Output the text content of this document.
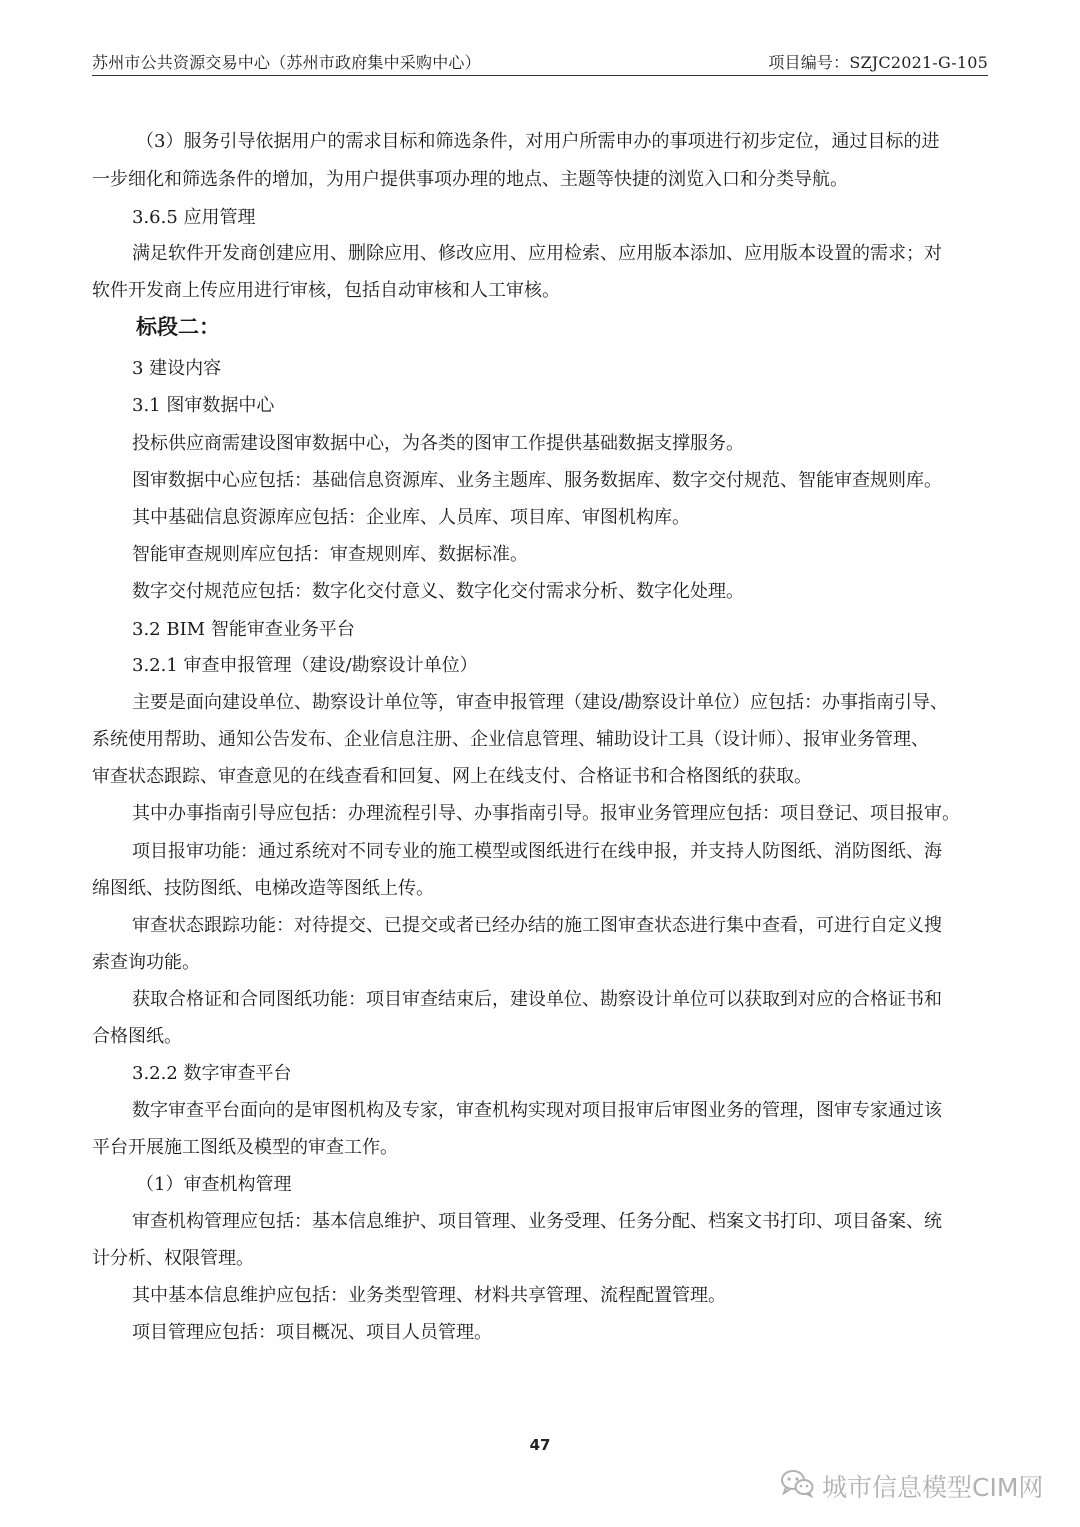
苏州市公共资源交易中心（苏州市政府集中采购中心）	项目编号：SZJC2021-G-105
（3）服务引导依据用户的需求目标和筛选条件，对用户所需申办的事项进行初步定位，通过目标的进
一步细化和筛选条件的增加，为用户提供事项办理的地点、主题等快捷的浏览入口和分类导航。
3.6.5 应用管理
满足软件开发商创建应用、删除应用、修改应用、应用检索、应用版本添加、应用版本设置的需求；对
软件开发商上传应用进行审核，包括自动审核和人工审核。
标段二：
3 建设内容
3.1 图审数据中心
投标供应商需建设图审数据中心，为各类的图审工作提供基础数据支撑服务。
图审数据中心应包括：基础信息资源库、业务主题库、服务数据库、数字交付规范、智能审查规则库。
其中基础信息资源库应包括：企业库、人员库、项目库、审图机构库。
智能审查规则库应包括：审查规则库、数据标准。
数字交付规范应包括：数字化交付意义、数字化交付需求分析、数字化处理。
3.2 BIM 智能审查业务平台
3.2.1 审查申报管理（建设/勘察设计单位）
主要是面向建设单位、勘察设计单位等，审查申报管理（建设/勘察设计单位）应包括：办事指南引导、
系统使用帮助、通知公告发布、企业信息注册、企业信息管理、辅助设计工具（设计师）、报审业务管理、
审查状态跟踪、审查意见的在线查看和回复、网上在线支付、合格证书和合格图纸的获取。
其中办事指南引导应包括：办理流程引导、办事指南引导。报审业务管理应包括：项目登记、项目报审。
项目报审功能：通过系统对不同专业的施工模型或图纸进行在线申报，并支持人防图纸、消防图纸、海
绵图纸、技防图纸、电梯改造等图纸上传。
审查状态跟踪功能：对待提交、已提交或者已经办结的施工图审查状态进行集中查看，可进行自定义搜
索查询功能。
获取合格证和合同图纸功能：项目审查结束后，建设单位、勘察设计单位可以获取到对应的合格证书和
合格图纸。
3.2.2 数字审查平台
数字审查平台面向的是审图机构及专家，审查机构实现对项目报审后审图业务的管理，图审专家通过该
平台开展施工图纸及模型的审查工作。
（1）审查机构管理
审查机构管理应包括：基本信息维护、项目管理、业务受理、任务分配、档案文书打印、项目备案、统
计分析、权限管理。
其中基本信息维护应包括：业务类型管理、材料共享管理、流程配置管理。
项目管理应包括：项目概况、项目人员管理。
47
城市信息模型CIM网
